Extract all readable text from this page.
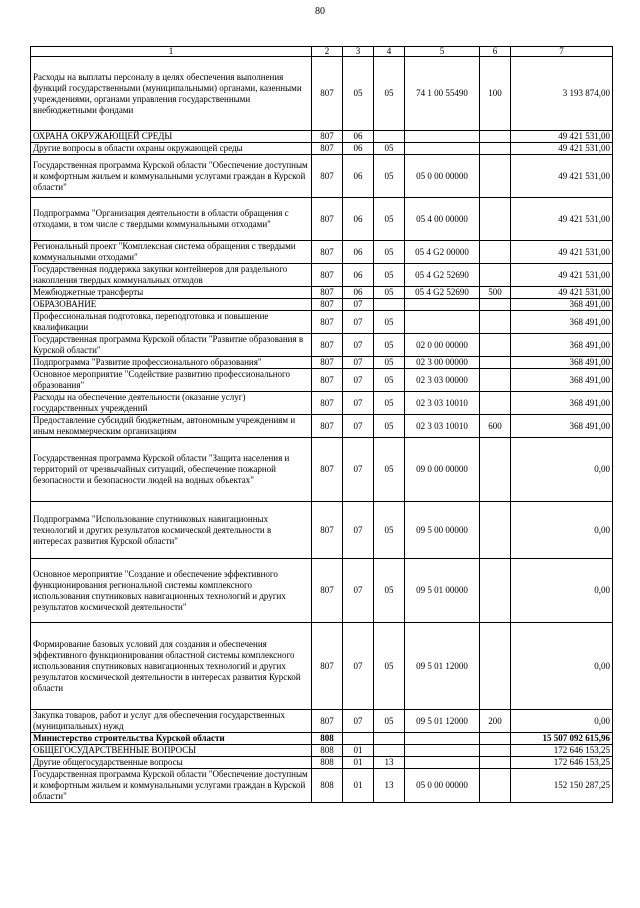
80
1	2	3	4	5	6	7
Расходы на выплаты персоналу в целях обеспечения выполнения функций государственными (муниципальными) органами, казенными учреждениями, органами управления государственными внебюджетными фондами	807	05	05	74 1 00 55490	100	3 193 874,00
ОХРАНА ОКРУЖАЮЩЕЙ СРЕДЫ	807	06				49 421 531,00
Другие вопросы в области охраны окружающей среды	807	06	05			49 421 531,00
Государственная программа Курской области "Обеспечение доступным и комфортным жильем и коммунальными услугами граждан в Курской области"	807	06	05	05 0 00 00000		49 421 531,00
Подпрограмма "Организация деятельности в области обращения с отходами, в том числе с твердыми коммунальными отходами"	807	06	05	05 4 00 00000		49 421 531,00
Региональный проект "Комплексная система обращения с твердыми коммунальными отходами"	807	06	05	05 4 G2 00000		49 421 531,00
Государственная поддержка закупки контейнеров для раздельного накопления твердых коммунальных отходов	807	06	05	05 4 G2 52690		49 421 531,00
Межбюджетные трансферты	807	06	05	05 4 G2 52690	500	49 421 531,00
ОБРАЗОВАНИЕ	807	07				368 491,00
Профессиональная подготовка, переподготовка и повышение квалификации	807	07	05			368 491,00
Государственная программа Курской области "Развитие образования в Курской области"	807	07	05	02 0 00 00000		368 491,00
Подпрограмма "Развитие профессионального образования"	807	07	05	02 3 00 00000		368 491,00
Основное мероприятие "Содействие развитию профессионального образования"	807	07	05	02 3 03 00000		368 491,00
Расходы на обеспечение деятельности (оказание услуг) государственных учреждений	807	07	05	02 3 03 10010		368 491,00
Предоставление субсидий бюджетным, автономным учреждениям и иным некоммерческим организациям	807	07	05	02 3 03 10010	600	368 491,00
Государственная программа Курской области "Защита населения и территорий от чрезвычайных ситуаций, обеспечение пожарной безопасности и безопасности людей на водных объектах"	807	07	05	09 0 00 00000		0,00
Подпрограмма "Использование спутниковых навигационных технологий и других результатов космической деятельности в интересах развития Курской области"	807	07	05	09 5 00 00000		0,00
Основное мероприятие "Создание и обеспечение эффективного функционирования региональной системы комплексного использования спутниковых навигационных технологий и других результатов космической деятельности"	807	07	05	09 5 01 00000		0,00
Формирование базовых условий для создания и обеспечения эффективного функционирования областной системы комплексного использования спутниковых навигационных технологий и других результатов космической деятельности в интересах развития Курской области	807	07	05	09 5 01 12000		0,00
Закупка товаров, работ и услуг для обеспечения государственных (муниципальных) нужд	807	07	05	09 5 01 12000	200	0,00
Министерство строительства Курской области	808					15 507 092 615,96
ОБЩЕГОСУДАРСТВЕННЫЕ ВОПРОСЫ	808	01				172 646 153,25
Другие общегосударственные вопросы	808	01	13			172 646 153,25
Государственная программа Курской области "Обеспечение доступным и комфортным жильем и коммунальными услугами граждан в Курской области"	808	01	13	05 0 00 00000		152 150 287,25
